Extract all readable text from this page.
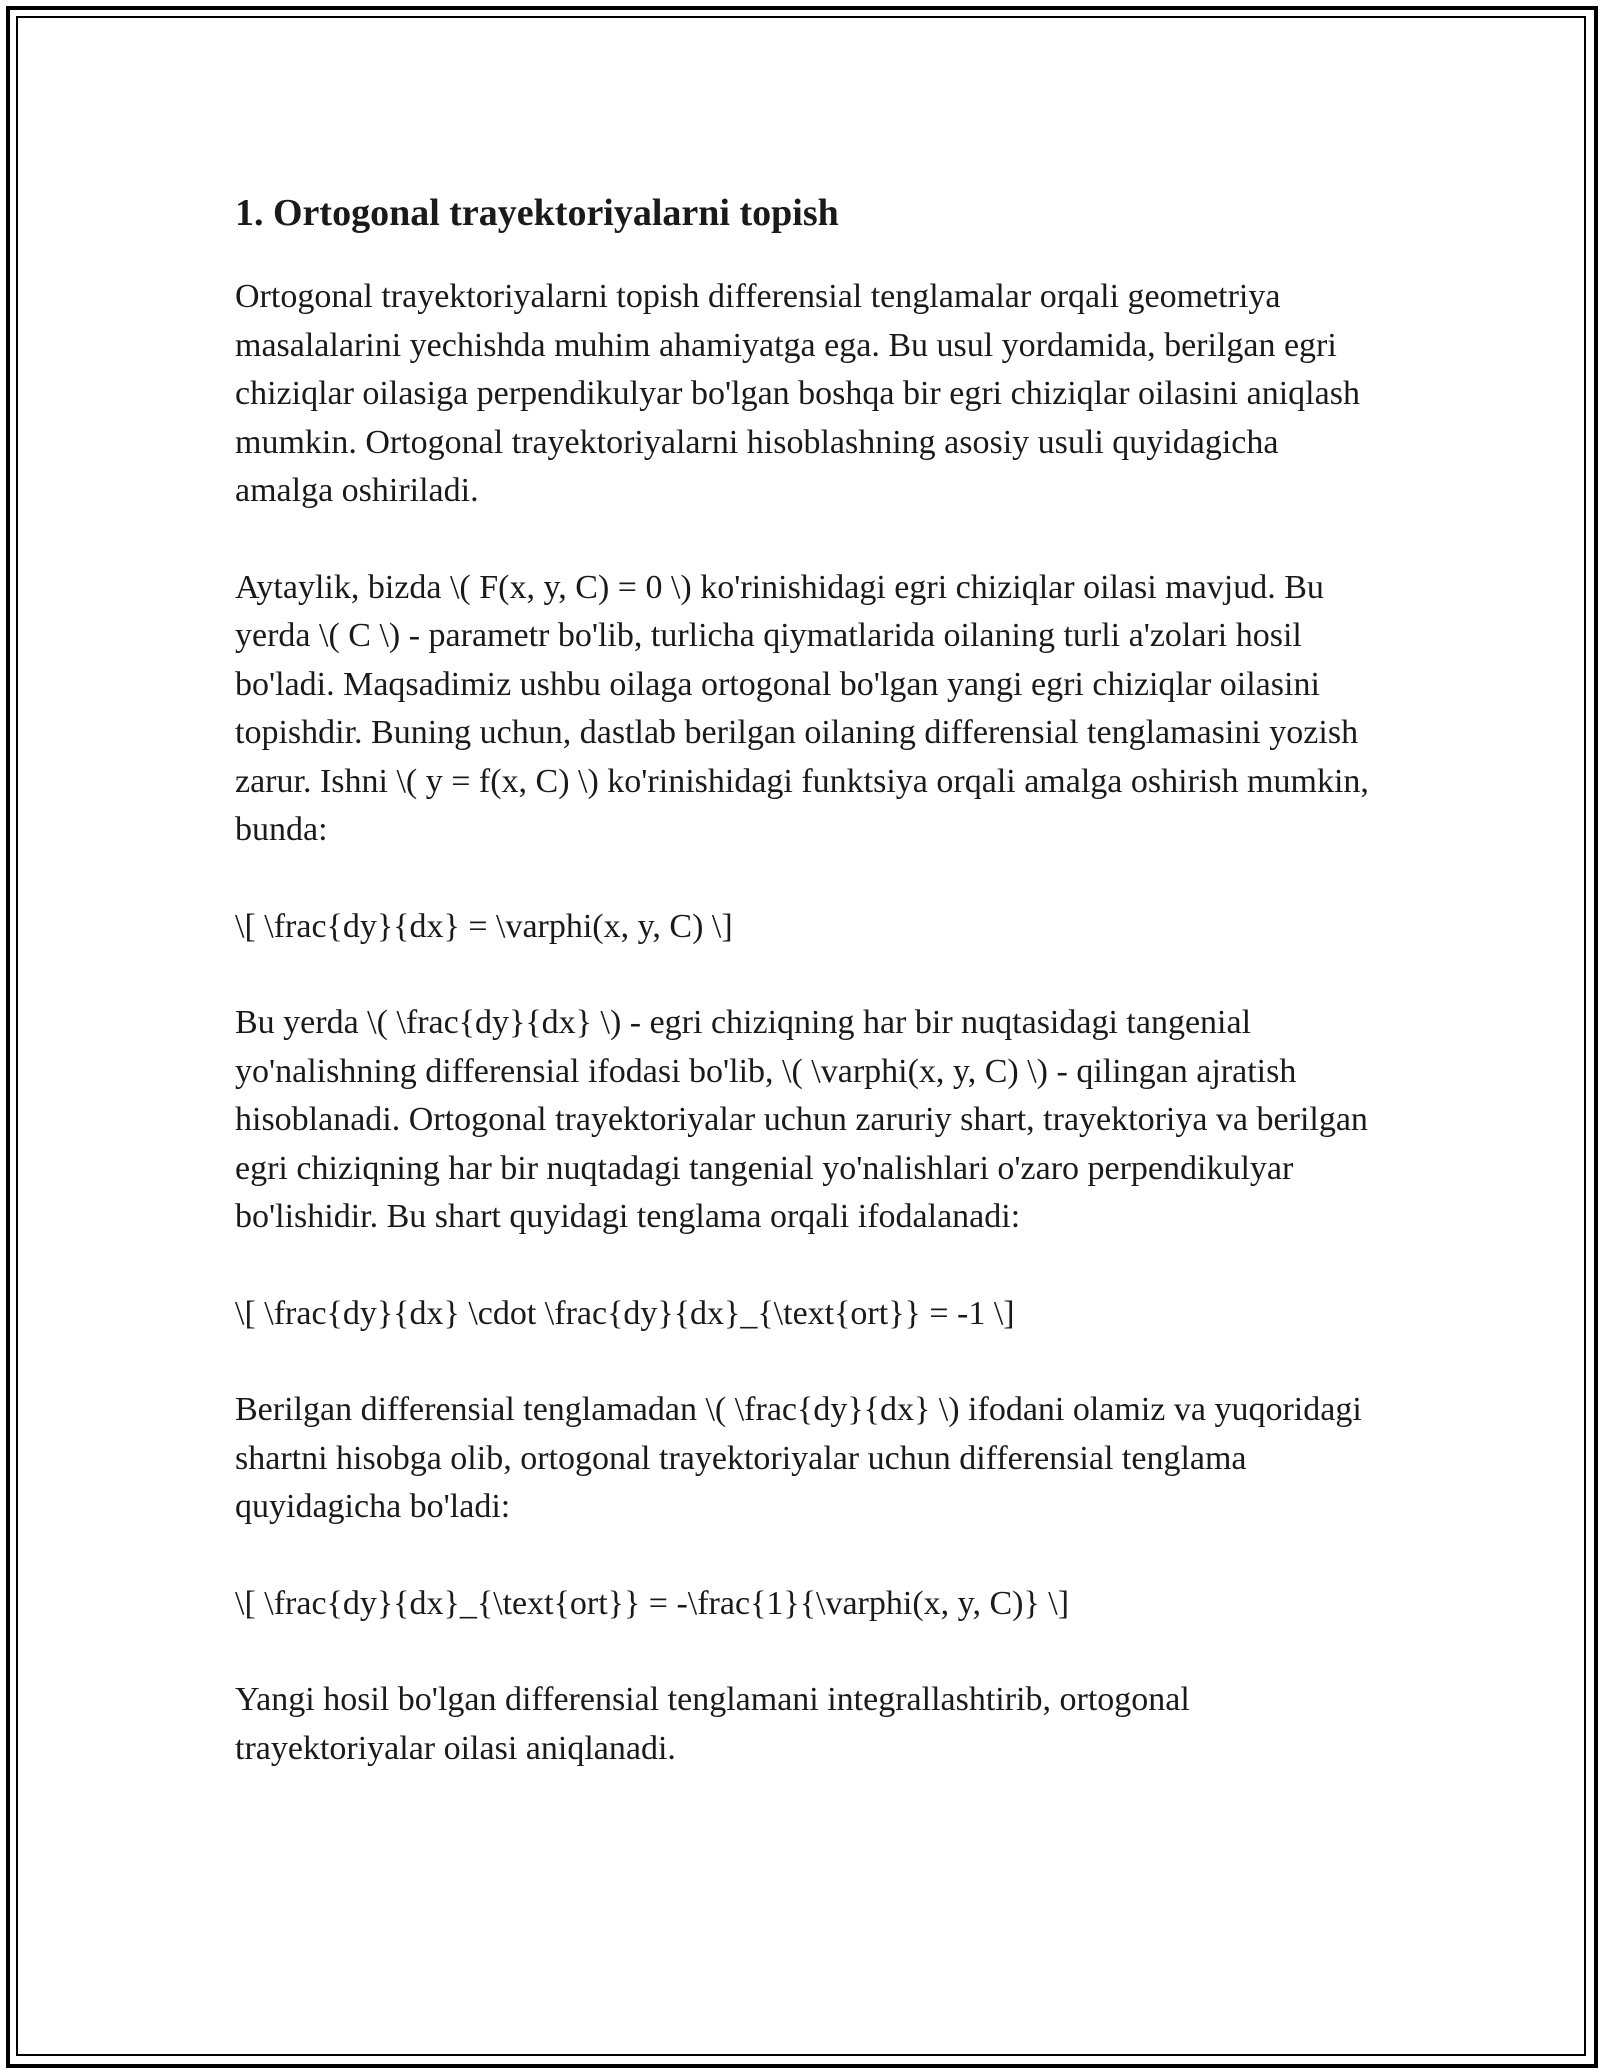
1. Ortogonal trayektoriyalarni topish

Ortogonal trayektoriyalarni topish differensial tenglamalar orqali geometriya masalalarini yechishda muhim ahamiyatga ega. Bu usul yordamida, berilgan egri chiziqlar oilasiga perpendikulyar bo'lgan boshqa bir egri chiziqlar oilasini aniqlash mumkin. Ortogonal trayektoriyalarni hisoblashning asosiy usuli quyidagicha amalga oshiriladi.

Aytaylik, bizda \( F(x, y, C) = 0 \) ko'rinishidagi egri chiziqlar oilasi mavjud. Bu yerda \( C \) - parametr bo'lib, turlicha qiymatlarida oilaning turli a'zolari hosil bo'ladi. Maqsadimiz ushbu oilaga ortogonal bo'lgan yangi egri chiziqlar oilasini topishdir. Buning uchun, dastlab berilgan oilaning differensial tenglamasini yozish zarur. Ishni \( y = f(x, C) \) ko'rinishidagi funktsiya orqali amalga oshirish mumkin, bunda:

\[ \frac{dy}{dx} = \varphi(x, y, C) \]

Bu yerda \( \frac{dy}{dx} \) - egri chiziqning har bir nuqtasidagi tangenial yo'nalishning differensial ifodasi bo'lib, \( \varphi(x, y, C) \) - qilingan ajratish hisoblanadi. Ortogonal trayektoriyalar uchun zaruriy shart, trayektoriya va berilgan egri chiziqning har bir nuqtadagi tangenial yo'nalishlari o'zaro perpendikulyar bo'lishidir. Bu shart quyidagi tenglama orqali ifodalanadi:

\[ \frac{dy}{dx} \cdot \frac{dy}{dx}_{\text{ort}} = -1 \]

Berilgan differensial tenglamadan \( \frac{dy}{dx} \) ifodani olamiz va yuqoridagi shartni hisobga olib, ortogonal trayektoriyalar uchun differensial tenglama quyidagicha bo'ladi:

\[ \frac{dy}{dx}_{\text{ort}} = -\frac{1}{\varphi(x, y, C)} \]

Yangi hosil bo'lgan differensial tenglamani integrallashtirib, ortogonal trayektoriyalar oilasi aniqlanadi.
